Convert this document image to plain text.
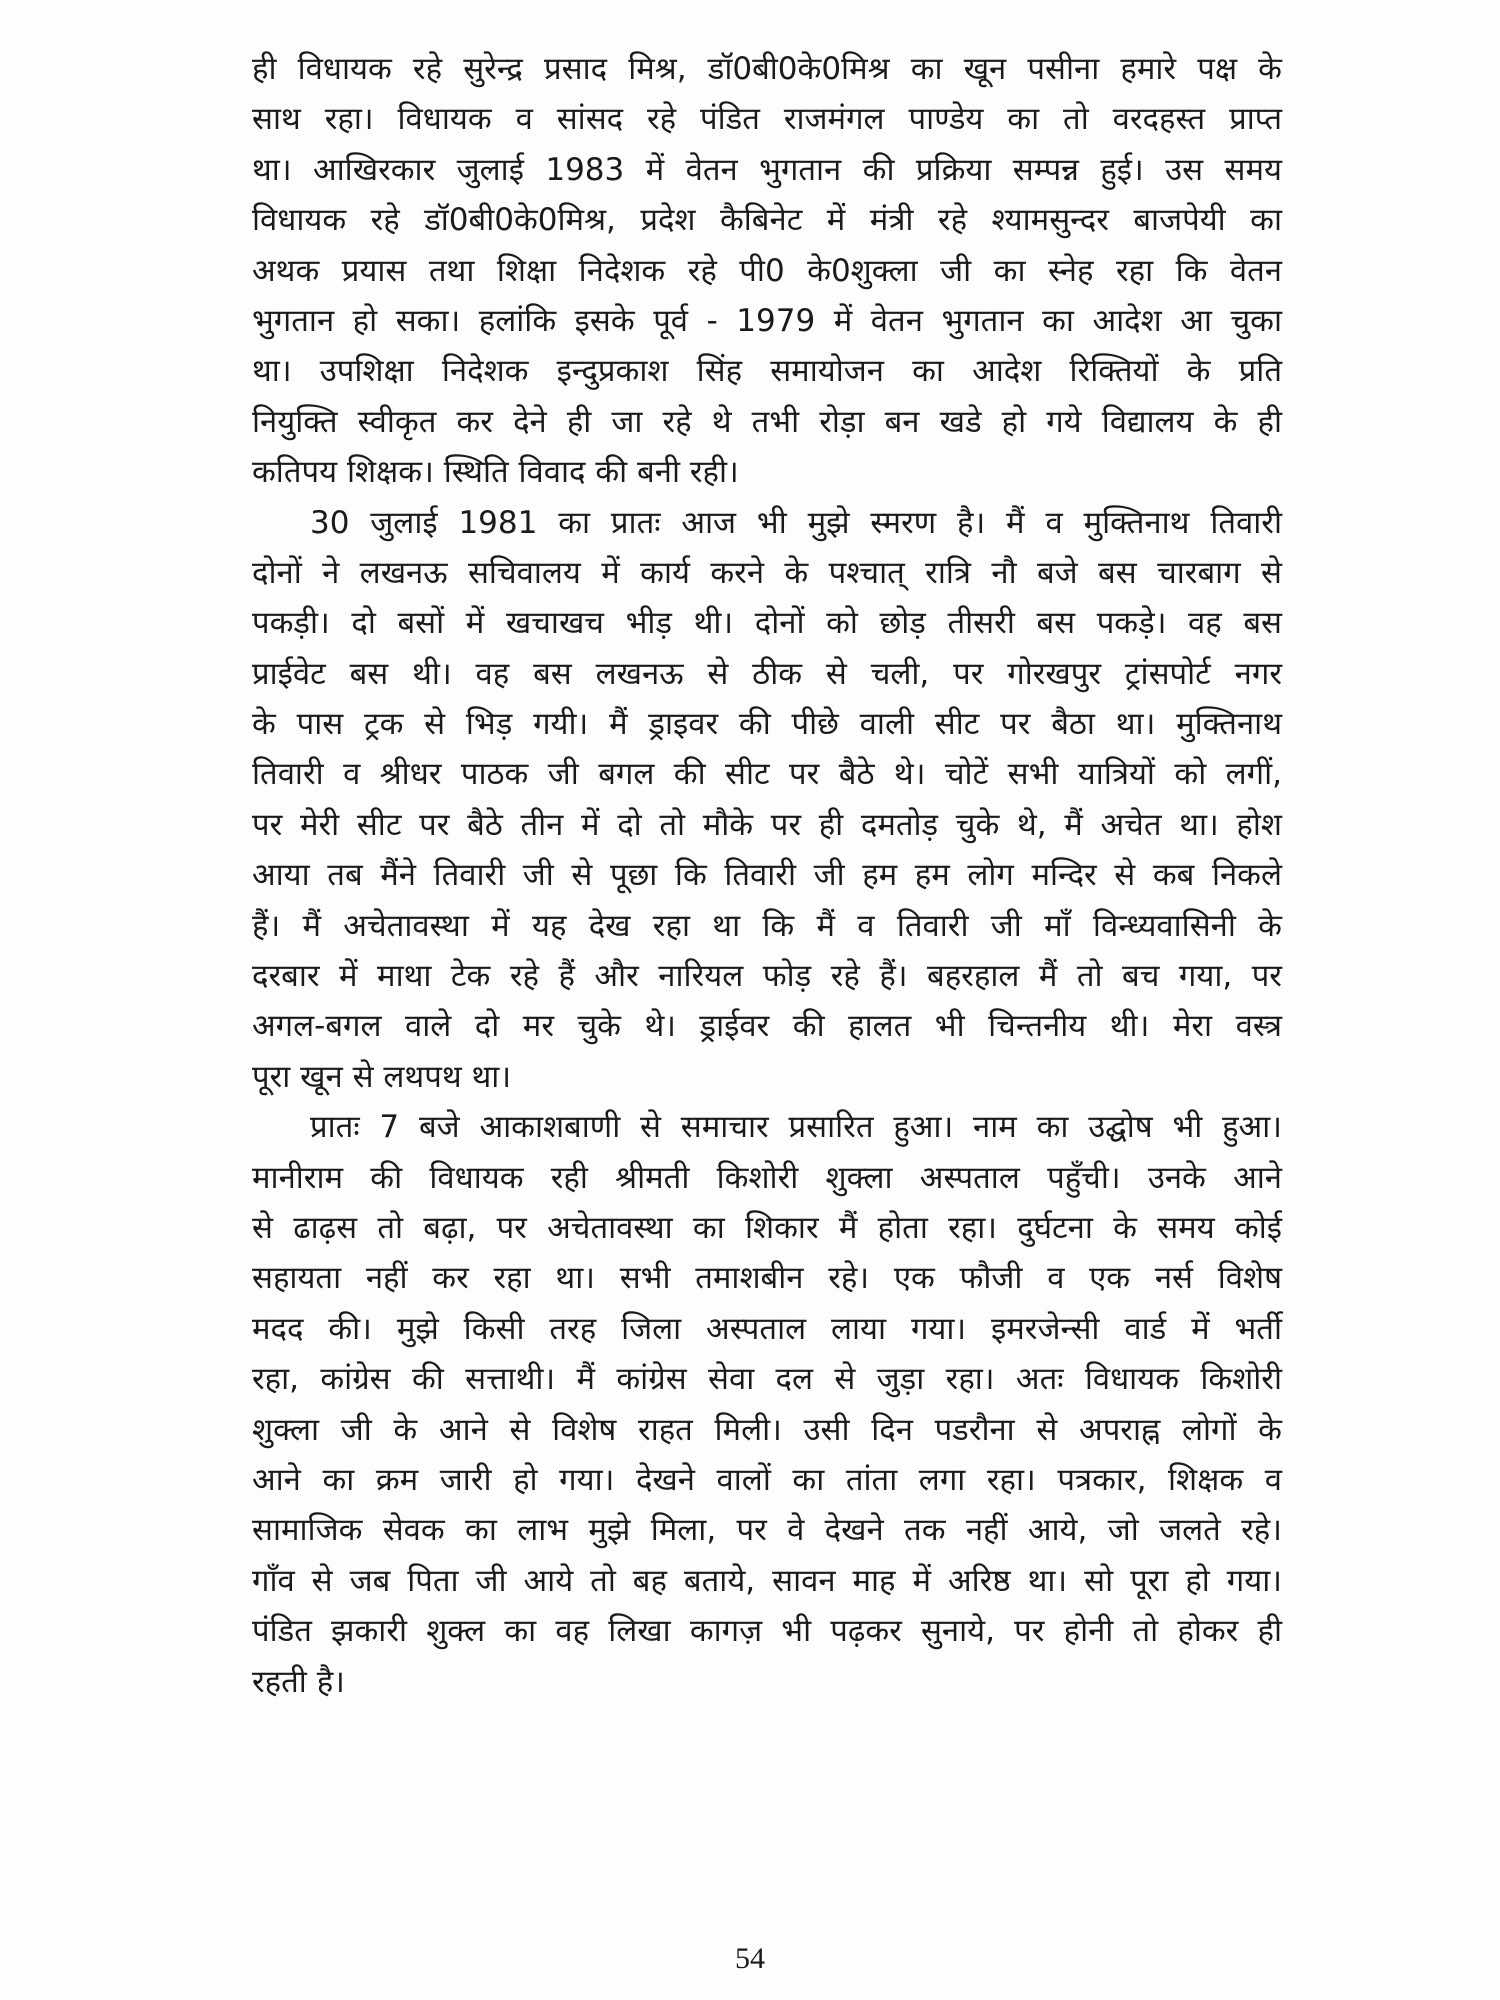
ही विधायक रहे सुरेन्द्र प्रसाद मिश्र, डॉ0बी0के0मिश्र का खून पसीना हमारे पक्ष के
साथ रहा। विधायक व सांसद रहे पंडित राजमंगल पाण्डेय का तो वरदहस्त प्राप्त
था। आखिरकार जुलाई 1983 में वेतन भुगतान की प्रक्रिया सम्पन्न हुई। उस समय
विधायक रहे डॉ0बी0के0मिश्र, प्रदेश कैबिनेट में मंत्री रहे श्यामसुन्दर बाजपेयी का
अथक प्रयास तथा शिक्षा निदेशक रहे पी0 के0शुक्ला जी का स्नेह रहा कि वेतन
भुगतान हो सका। हलांकि इसके पूर्व - 1979 में वेतन भुगतान का आदेश आ चुका
था। उपशिक्षा निदेशक इन्दुप्रकाश सिंह समायोजन का आदेश रिक्तियों के प्रति
नियुक्ति स्वीकृत कर देने ही जा रहे थे तभी रोड़ा बन खडे हो गये विद्यालय के ही
कतिपय शिक्षक। स्थिति विवाद की बनी रही।
30 जुलाई 1981 का प्रातः आज भी मुझे स्मरण है। मैं व मुक्तिनाथ तिवारी
दोनों ने लखनऊ सचिवालय में कार्य करने के पश्चात् रात्रि नौ बजे बस चारबाग से
पकड़ी। दो बसों में खचाखच भीड़ थी। दोनों को छोड़ तीसरी बस पकड़े। वह बस
प्राईवेट बस थी। वह बस लखनऊ से ठीक से चली, पर गोरखपुर ट्रांसपोर्ट नगर
के पास ट्रक से भिड़ गयी। मैं ड्राइवर की पीछे वाली सीट पर बैठा था। मुक्तिनाथ
तिवारी व श्रीधर पाठक जी बगल की सीट पर बैठे थे। चोटें सभी यात्रियों को लगीं,
पर मेरी सीट पर बैठे तीन में दो तो मौके पर ही दमतोड़ चुके थे, मैं अचेत था। होश
आया तब मैंने तिवारी जी से पूछा कि तिवारी जी हम हम लोग मन्दिर से कब निकले
हैं। मैं अचेतावस्था में यह देख रहा था कि मैं व तिवारी जी माँ विन्ध्यवासिनी के
दरबार में माथा टेक रहे हैं और नारियल फोड़ रहे हैं। बहरहाल मैं तो बच गया, पर
अगल-बगल वाले दो मर चुके थे। ड्राईवर की हालत भी चिन्तनीय थी। मेरा वस्त्र
पूरा खून से लथपथ था।
प्रातः 7 बजे आकाशबाणी से समाचार प्रसारित हुआ। नाम का उद्घोष भी हुआ।
मानीराम की विधायक रही श्रीमती किशोरी शुक्ला अस्पताल पहुँची। उनके आने
से ढाढ़स तो बढ़ा, पर अचेतावस्था का शिकार मैं होता रहा। दुर्घटना के समय कोई
सहायता नहीं कर रहा था। सभी तमाशबीन रहे। एक फौजी व एक नर्स विशेष
मदद की। मुझे किसी तरह जिला अस्पताल लाया गया। इमरजेन्सी वार्ड में भर्ती
रहा, कांग्रेस की सत्ताथी। मैं कांग्रेस सेवा दल से जुड़ा रहा। अतः विधायक किशोरी
शुक्ला जी के आने से विशेष राहत मिली। उसी दिन पडरौना से अपराह्न लोगों के
आने का क्रम जारी हो गया। देखने वालों का तांता लगा रहा। पत्रकार, शिक्षक व
सामाजिक सेवक का लाभ मुझे मिला, पर वे देखने तक नहीं आये, जो जलते रहे।
गाँव से जब पिता जी आये तो बह बताये, सावन माह में अरिष्ठ था। सो पूरा हो गया।
पंडित झकारी शुक्ल का वह लिखा कागज़ भी पढ़कर सुनाये, पर होनी तो होकर ही
रहती है।
54
